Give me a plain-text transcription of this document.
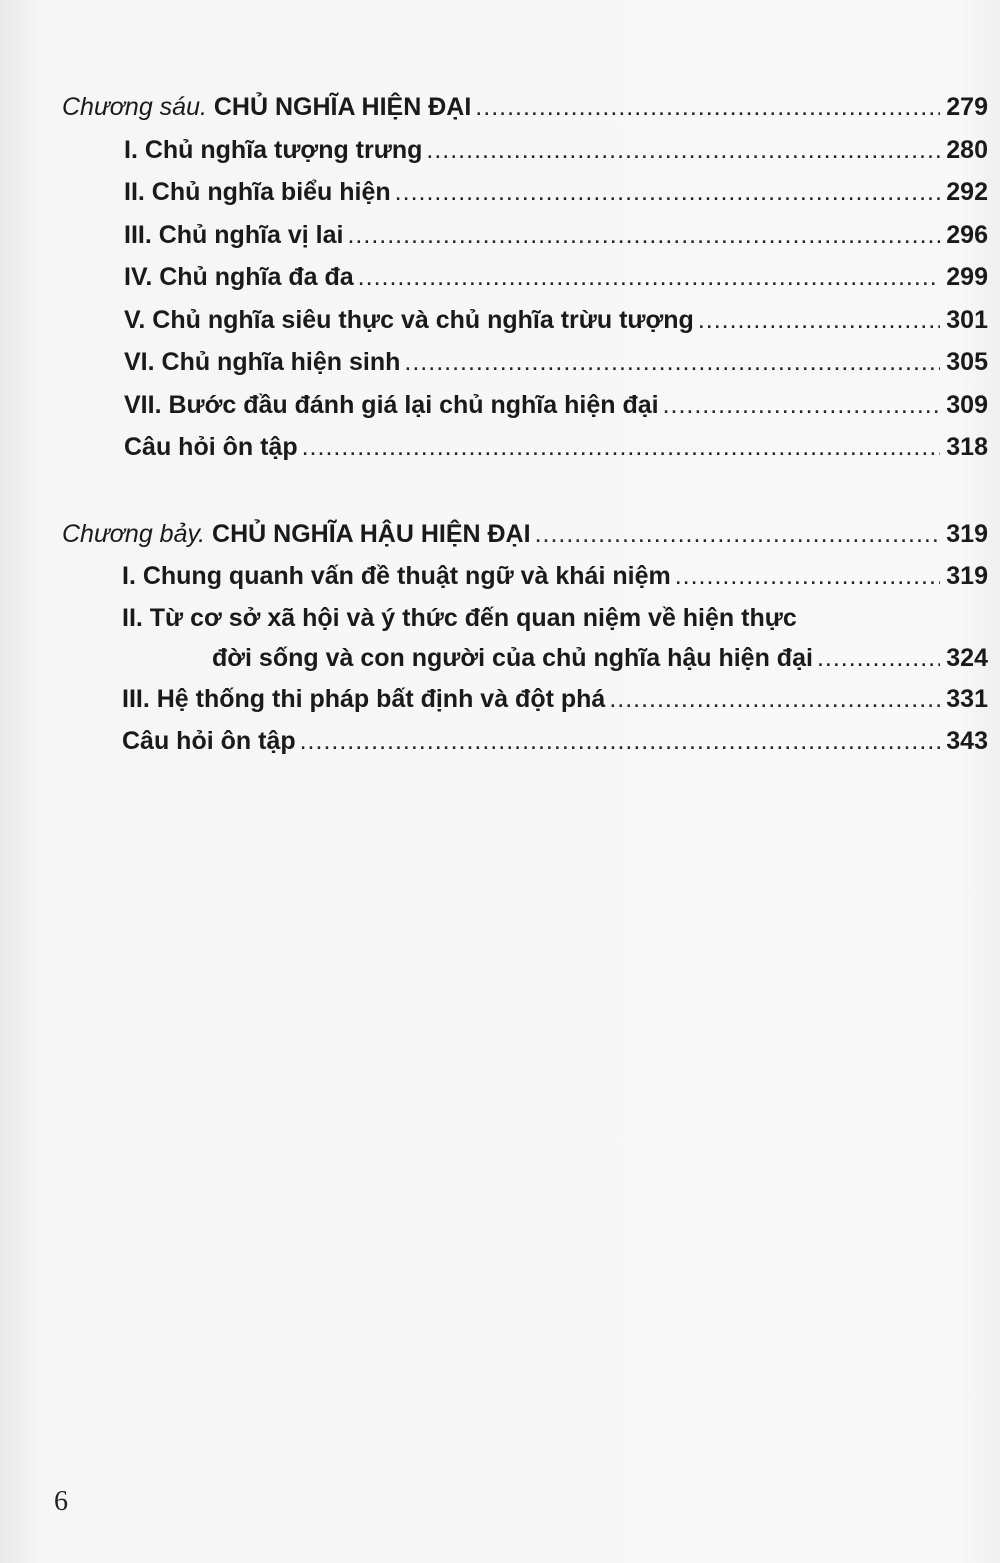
Chương sáu. CHỦ NGHĨA HIỆN ĐẠI .....	279
I. Chủ nghĩa tượng trưng .....	280
II. Chủ nghĩa biểu hiện .....	292
III. Chủ nghĩa vị lai .....	296
IV. Chủ nghĩa đa đa .....	299
V. Chủ nghĩa siêu thực và chủ nghĩa trừu tượng .....	301
VI. Chủ nghĩa hiện sinh .....	305
VII. Bước đầu đánh giá lại chủ nghĩa hiện đại .....	309
Câu hỏi ôn tập .....	318
Chương bảy. CHỦ NGHĨA HẬU HIỆN ĐẠI .....	319
I. Chung quanh vấn đề thuật ngữ và khái niệm .....	319
II. Từ cơ sở xã hội và ý thức đến quan niệm về hiện thực
đời sống và con người của chủ nghĩa hậu hiện đại .....	324
III. Hệ thống thi pháp bất định và đột phá .....	331
Câu hỏi ôn tập .....	343
6
